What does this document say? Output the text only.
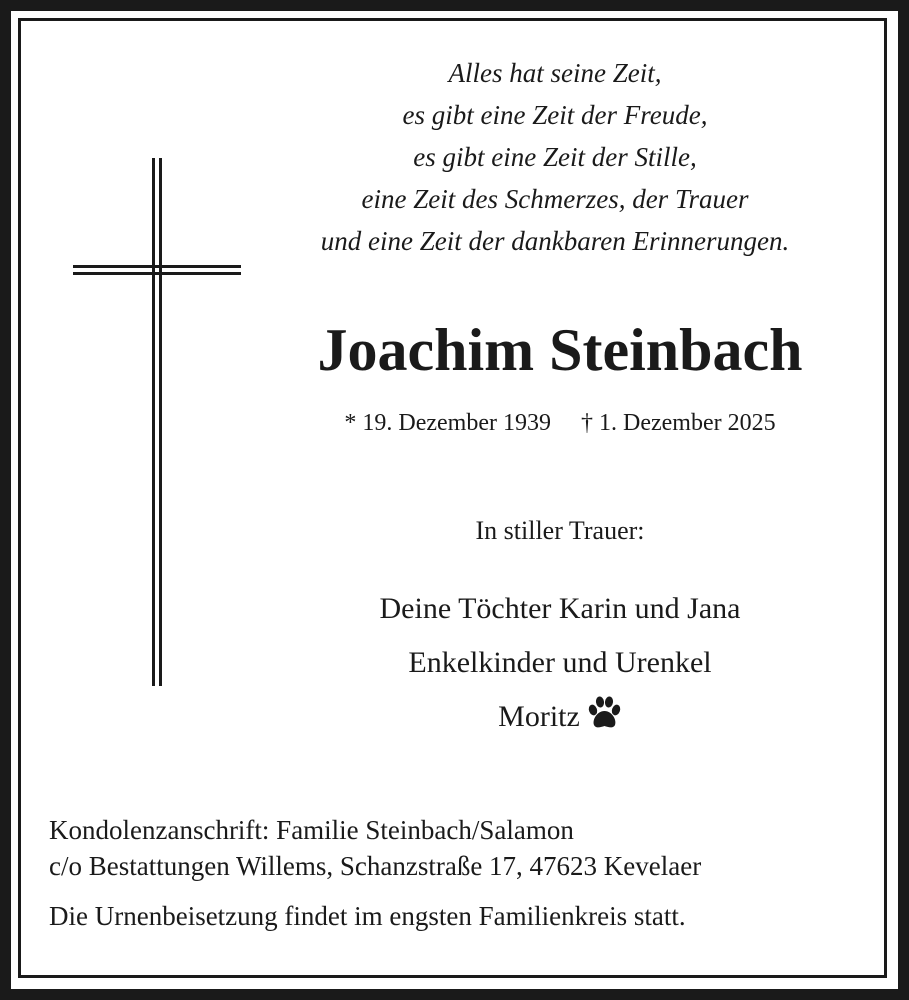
Alles hat seine Zeit,

es gibt eine Zeit der Freude,

es gibt eine Zeit der Stille,

eine Zeit des Schmerzes, der Trauer

und eine Zeit der dankbaren Erinnerungen.

Joachim Steinbach
* 19. Dezember 1939 † 1. Dezember 2025

In stiller Trauer:

Deine Töchter Karin und Jana

Enkelkinder und Urenkel

Moritz

Kondolenzanschrift: Familie Steinbach/Salamon

c/o Bestattungen Willems, Schanzstraße 17, 47623 Kevelaer

Die Urnenbeisetzung findet im engsten Familienkreis statt.
